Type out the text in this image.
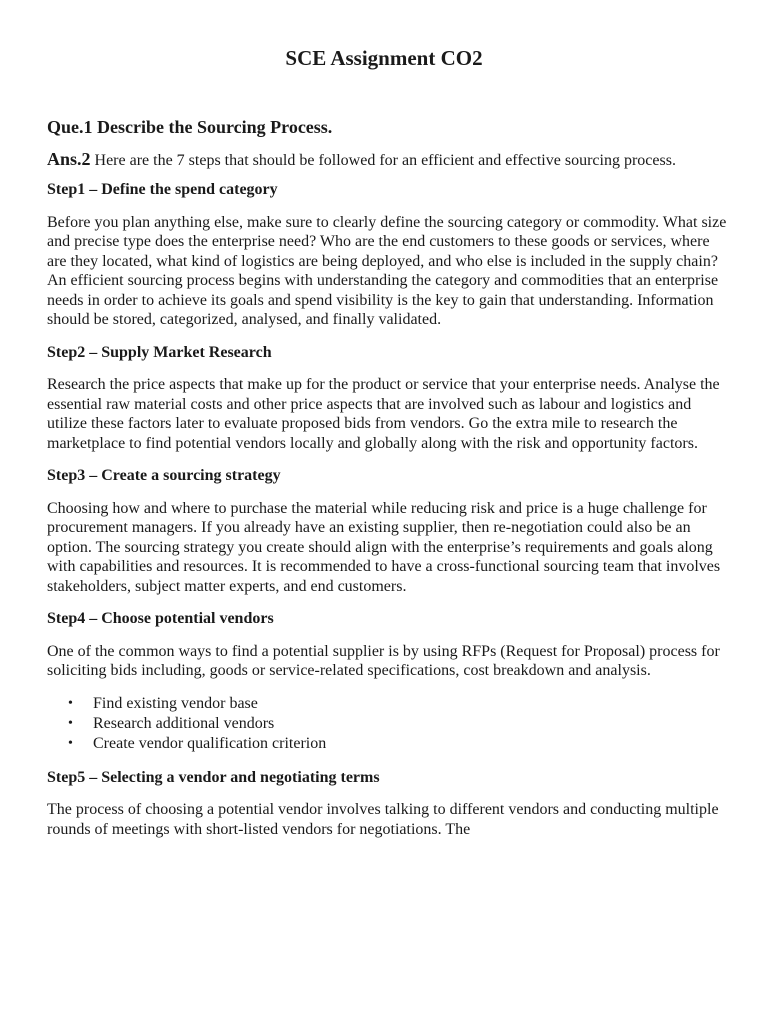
SCE Assignment CO2
Que.1 Describe the Sourcing Process.

Ans.2 Here are the 7 steps that should be followed for an efficient and effective sourcing process.

Step1 – Define the spend category

Before you plan anything else, make sure to clearly define the sourcing category or commodity. What size and precise type does the enterprise need? Who are the end customers to these goods or services, where are they located, what kind of logistics are being deployed, and who else is included in the supply chain? An efficient sourcing process begins with understanding the category and commodities that an enterprise needs in order to achieve its goals and spend visibility is the key to gain that understanding. Information should be stored, categorized, analysed, and finally validated.

Step2 – Supply Market Research

Research the price aspects that make up for the product or service that your enterprise needs. Analyse the essential raw material costs and other price aspects that are involved such as labour and logistics and utilize these factors later to evaluate proposed bids from vendors. Go the extra mile to research the marketplace to find potential vendors locally and globally along with the risk and opportunity factors.

Step3 – Create a sourcing strategy

Choosing how and where to purchase the material while reducing risk and price is a huge challenge for procurement managers. If you already have an existing supplier, then re-negotiation could also be an option. The sourcing strategy you create should align with the enterprise’s requirements and goals along with capabilities and resources. It is recommended to have a cross-functional sourcing team that involves stakeholders, subject matter experts, and end customers.

Step4 – Choose potential vendors

One of the common ways to find a potential supplier is by using RFPs (Request for Proposal) process for soliciting bids including, goods or service-related specifications, cost breakdown and analysis.

• Find existing vendor base
• Research additional vendors
• Create vendor qualification criterion
Step5 – Selecting a vendor and negotiating terms

The process of choosing a potential vendor involves talking to different vendors and conducting multiple rounds of meetings with short-listed vendors for negotiations. The
